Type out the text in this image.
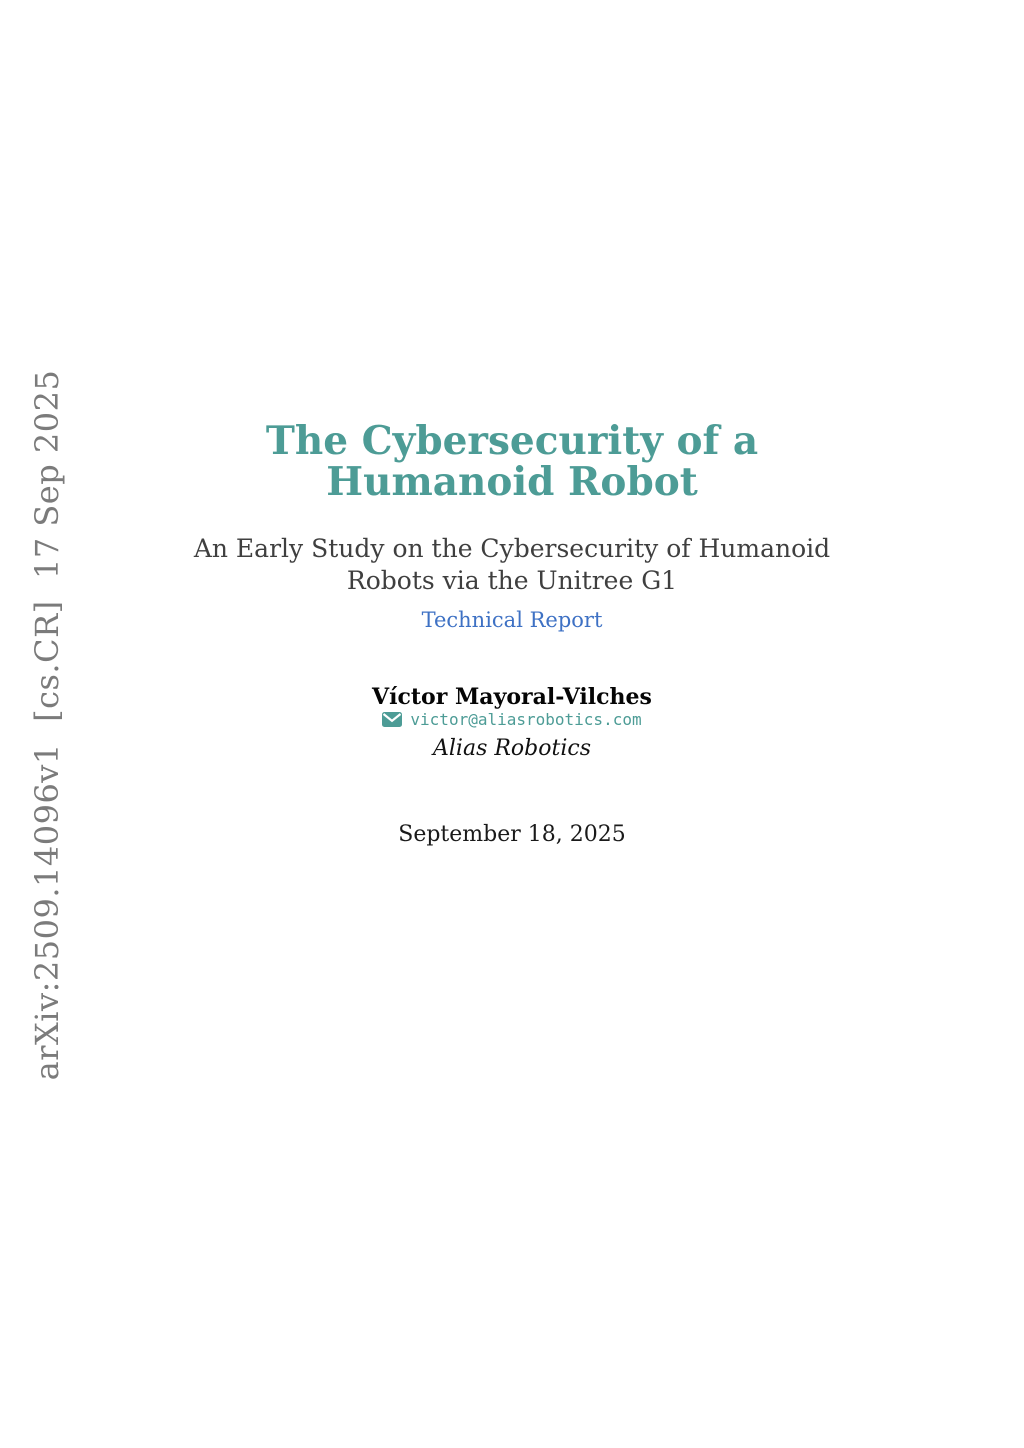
arXiv:2509.14096v1  [cs.CR]  17 Sep 2025	The Cybersecurity of a
Humanoid Robot
An Early Study on the Cybersecurity of Humanoid
Robots via the Unitree G1
Technical Report
Víctor Mayoral-Vilches
victor@aliasrobotics.com
Alias Robotics
September 18, 2025
